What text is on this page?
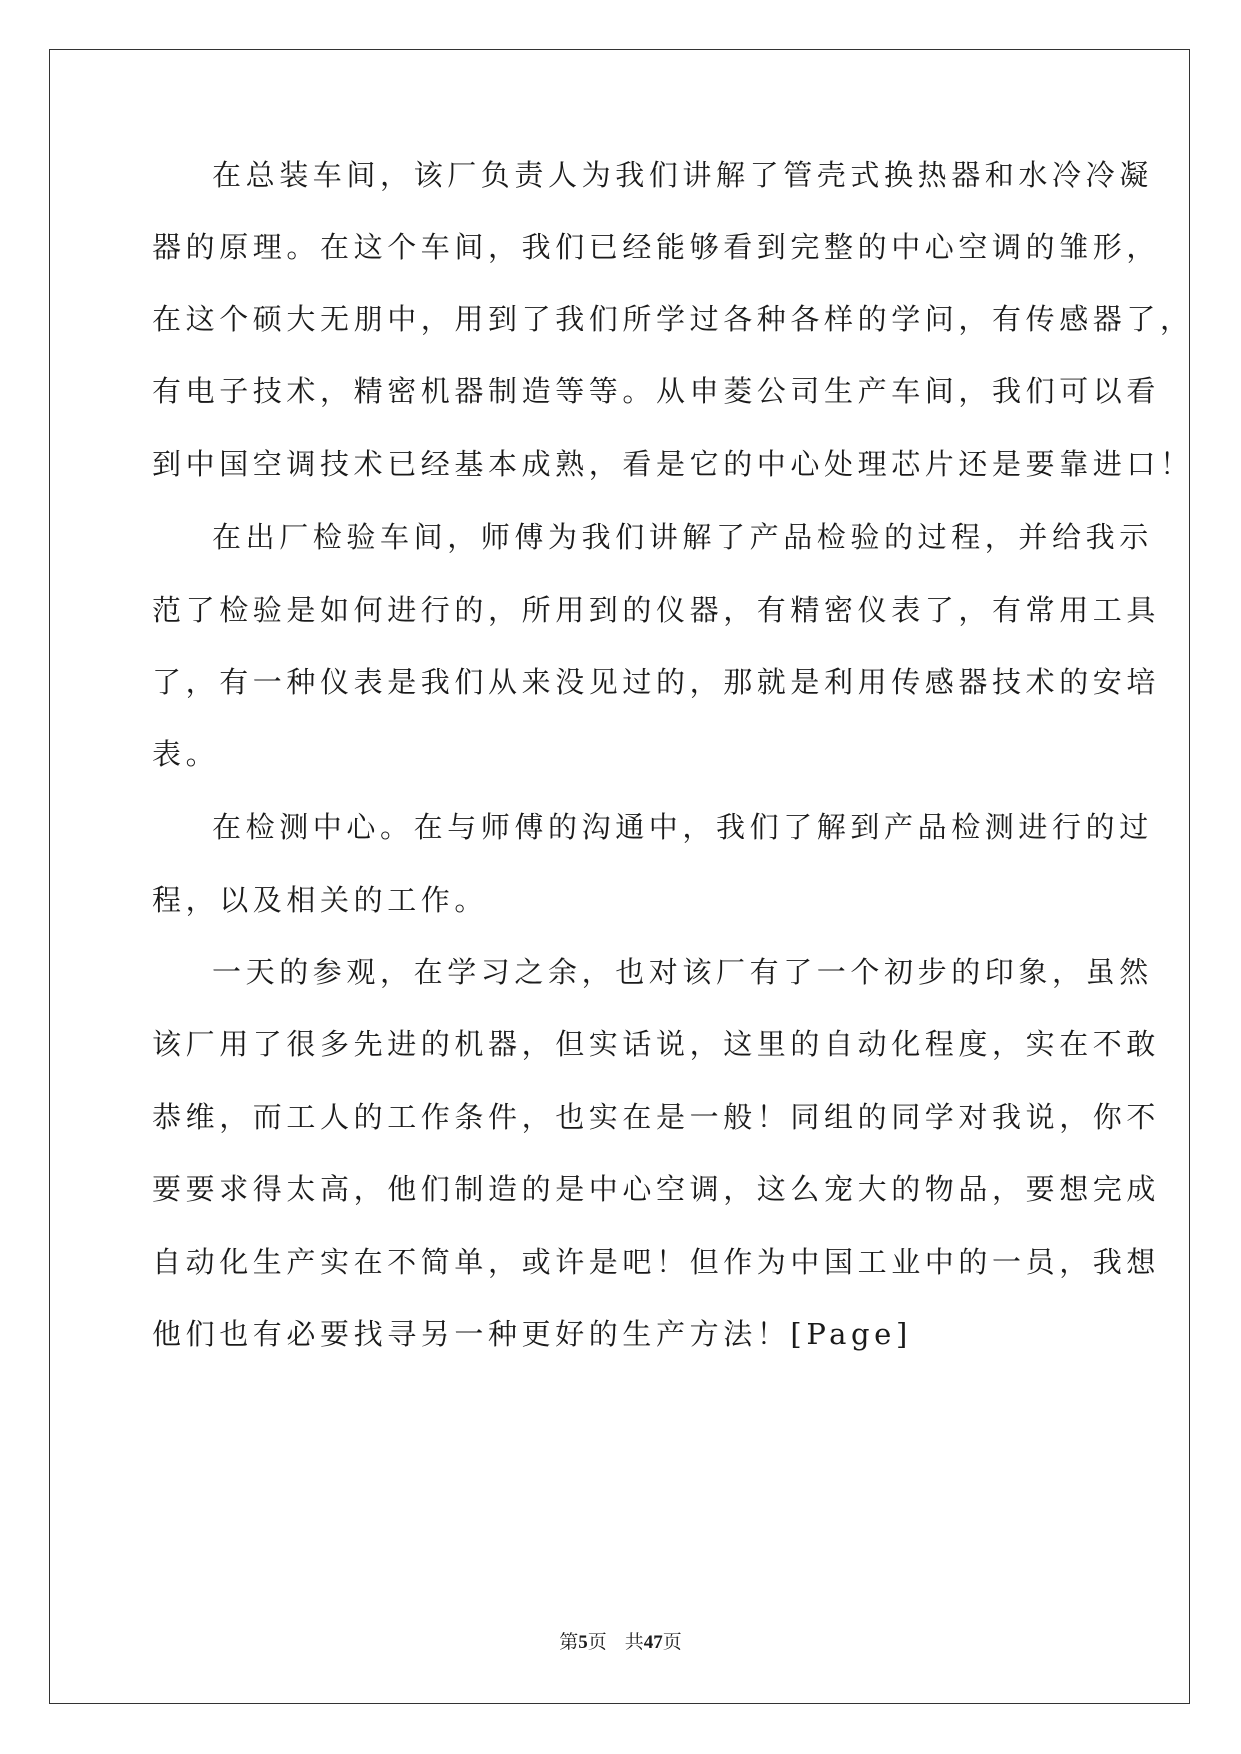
在总装车间，该厂负责人为我们讲解了管壳式换热器和水冷冷凝
器的原理。在这个车间，我们已经能够看到完整的中心空调的雏形，
在这个硕大无朋中，用到了我们所学过各种各样的学问，有传感器了，
有电子技术，精密机器制造等等。从申菱公司生产车间，我们可以看
到中国空调技术已经基本成熟，看是它的中心处理芯片还是要靠进口！
在出厂检验车间，师傅为我们讲解了产品检验的过程，并给我示
范了检验是如何进行的，所用到的仪器，有精密仪表了，有常用工具
了，有一种仪表是我们从来没见过的，那就是利用传感器技术的安培
表。
在检测中心。在与师傅的沟通中，我们了解到产品检测进行的过
程，以及相关的工作。
一天的参观，在学习之余，也对该厂有了一个初步的印象，虽然
该厂用了很多先进的机器，但实话说，这里的自动化程度，实在不敢
恭维，而工人的工作条件，也实在是一般！同组的同学对我说，你不
要要求得太高，他们制造的是中心空调，这么宠大的物品，要想完成
自动化生产实在不简单，或许是吧！但作为中国工业中的一员，我想
他们也有必要找寻另一种更好的生产方法！[Page]
第5页 共47页
